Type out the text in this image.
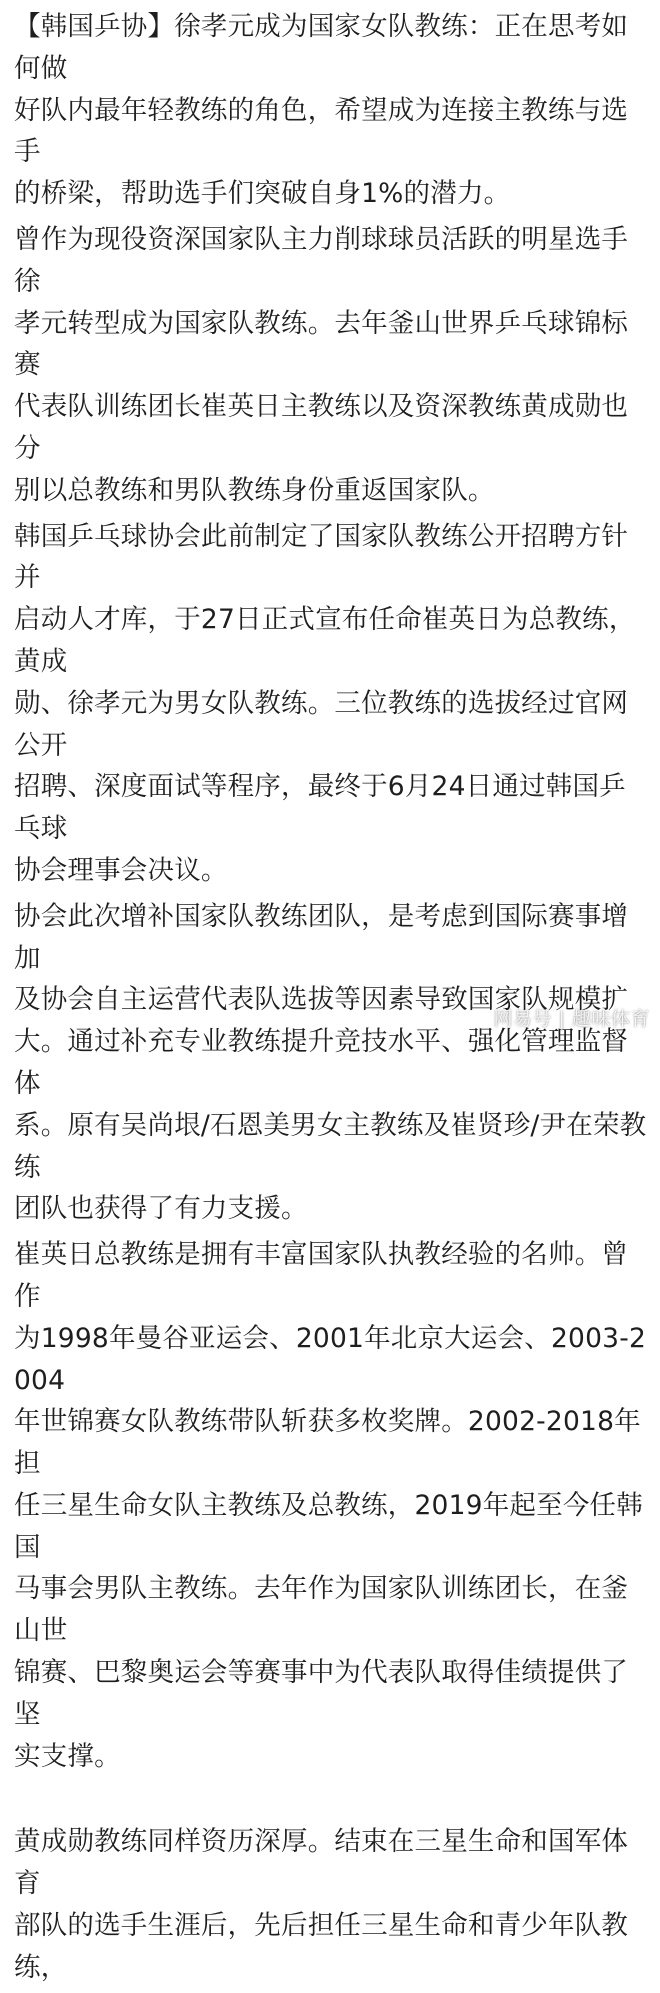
【韩国乒协】徐孝元成为国家女队教练：正在思考如何做
好队内最年轻教练的角色，希望成为连接主教练与选手
的桥梁，帮助选手们突破自身1%的潜力。

曾作为现役资深国家队主力削球球员活跃的明星选手徐
孝元转型成为国家队教练。去年釜山世界乒乓球锦标赛
代表队训练团长崔英日主教练以及资深教练黄成勋也分
别以总教练和男队教练身份重返国家队。

韩国乒乓球协会此前制定了国家队教练公开招聘方针并
启动人才库，于27日正式宣布任命崔英日为总教练，黄成
勋、徐孝元为男女队教练。三位教练的选拔经过官网公开
招聘、深度面试等程序，最终于6月24日通过韩国乒乓球
协会理事会决议。

协会此次增补国家队教练团队，是考虑到国际赛事增加
及协会自主运营代表队选拔等因素导致国家队规模扩
大。通过补充专业教练提升竞技水平、强化管理监督体
系。原有吴尚垠/石恩美男女主教练及崔贤珍/尹在荣教练
团队也获得了有力支援。

崔英日总教练是拥有丰富国家队执教经验的名帅。曾作
为1998年曼谷亚运会、2001年北京大运会、2003-2004
年世锦赛女队教练带队斩获多枚奖牌。2002-2018年担
任三星生命女队主教练及总教练，2019年起至今任韩国
马事会男队主教练。去年作为国家队训练团长，在釜山世
锦赛、巴黎奥运会等赛事中为代表队取得佳绩提供了坚
实支撑。

黄成勋教练同样资历深厚。结束在三星生命和国军体育
部队的选手生涯后，先后担任三星生命和青少年队教练，

网易号 | 趣味体育
